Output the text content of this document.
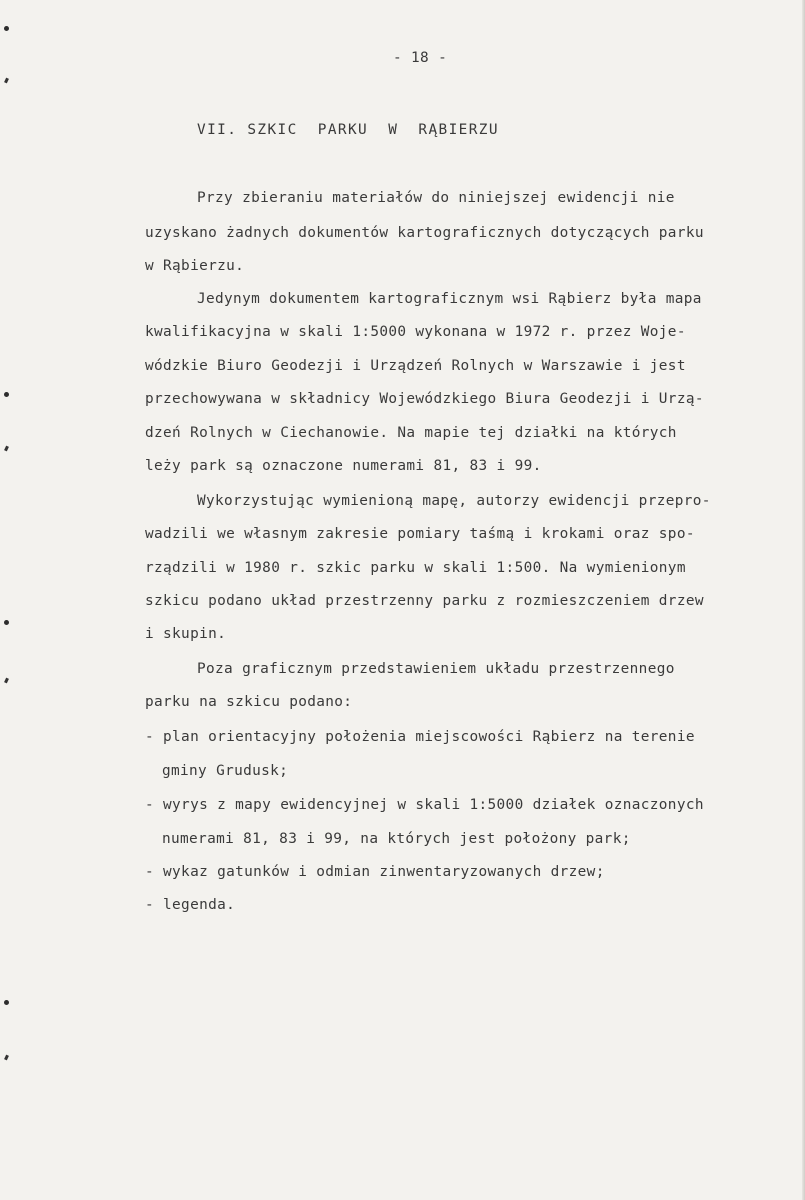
- 18 -
VII. SZKIC  PARKU  W  RĄBIERZU
Przy zbieraniu materiałów do niniejszej ewidencji nie
uzyskano żadnych dokumentów kartograficznych dotyczących parku
w Rąbierzu.
Jedynym dokumentem kartograficznym wsi Rąbierz była mapa
kwalifikacyjna w skali 1:5000 wykonana w 1972 r. przez Woje-
wódzkie Biuro Geodezji i Urządzeń Rolnych w Warszawie i jest
przechowywana w składnicy Wojewódzkiego Biura Geodezji i Urzą-
dzeń Rolnych w Ciechanowie. Na mapie tej działki na których
leży park są oznaczone numerami 81, 83 i 99.
Wykorzystując wymienioną mapę, autorzy ewidencji przepro-
wadzili we własnym zakresie pomiary taśmą i krokami oraz spo-
rządzili w 1980 r. szkic parku w skali 1:500. Na wymienionym
szkicu podano układ przestrzenny parku z rozmieszczeniem drzew
i skupin.
Poza graficznym przedstawieniem układu przestrzennego
parku na szkicu podano:
- plan orientacyjny położenia miejscowości Rąbierz na terenie
gminy Grudusk;
- wyrys z mapy ewidencyjnej w skali 1:5000 działek oznaczonych
numerami 81, 83 i 99, na których jest położony park;
- wykaz gatunków i odmian zinwentaryzowanych drzew;
- legenda.
